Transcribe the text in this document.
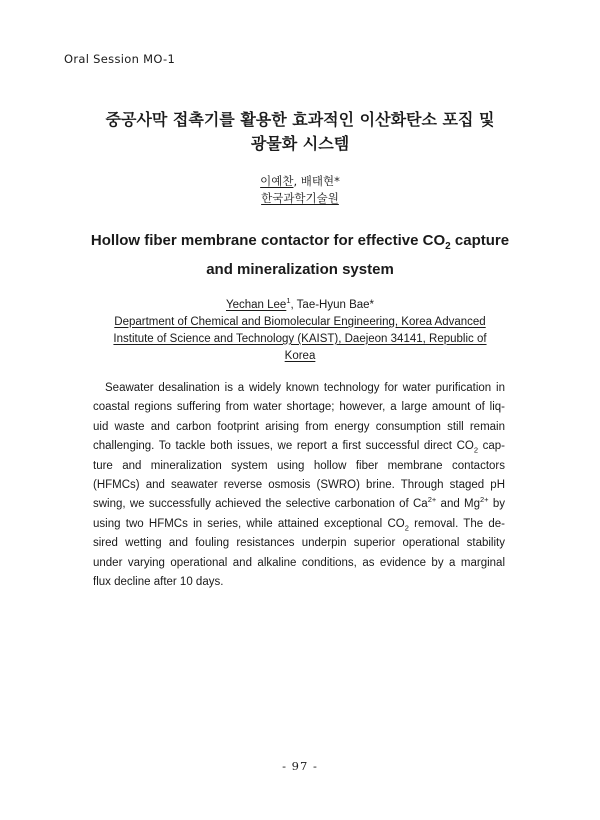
Oral Session MO-1
중공사막 접촉기를 활용한 효과적인 이산화탄소 포집 및
광물화 시스템
이예찬, 배태현*
한국과학기술원
Hollow fiber membrane contactor for effective $CO_2$ capture
and mineralization system
Yechan Lee$^1$, Tae-Hyun Bae*
Department of Chemical and Biomolecular Engineering, Korea Advanced
Institute of Science and Technology (KAIST), Daejeon 34141, Republic of
Korea
Seawater desalination is a widely known technology for water purification in
coastal regions suffering from water shortage; however, a large amount of liq-
uid waste and carbon footprint arising from energy consumption still remain
challenging. To tackle both issues, we report a first successful direct $CO_2$ cap-
ture and mineralization system using hollow fiber membrane contactors
(HFMCs) and seawater reverse osmosis (SWRO) brine. Through staged pH
swing, we successfully achieved the selective carbonation of $Ca^{2+}$ and $Mg^{2+}$ by
using two HFMCs in series, while attained exceptional $CO_2$ removal. The de-
sired wetting and fouling resistances underpin superior operational stability
under varying operational and alkaline conditions, as evidence by a marginal
flux decline after 10 days.
- 97 -
